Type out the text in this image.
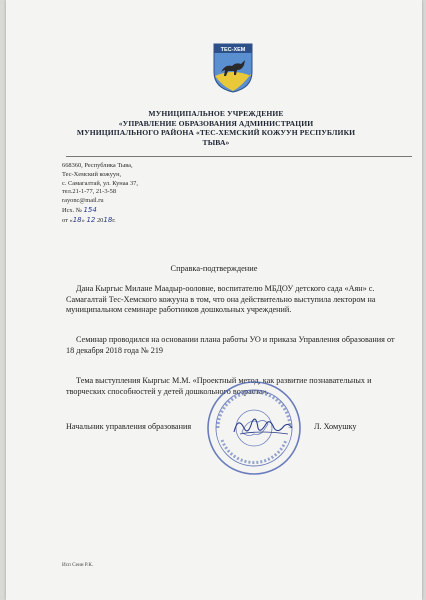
ТЕС-ХЕМ
МУНИЦИПАЛЬНОЕ УЧРЕЖДЕНИЕ
«УПРАВЛЕНИЕ ОБРАЗОВАНИЯ АДМИНИСТРАЦИИ
МУНИЦИПАЛЬНОГО РАЙОНА «ТЕС-ХЕМСКИЙ КОЖУУН РЕСПУБЛИКИ
ТЫВА»
668360, Республика Тыва,
Тес-Хемский кожуун,
с. Самагалтай, ул. Кунаа 37,
тел.21-1-77, 21-3-58
rayonc@mail.ru
Исх. № 154
от «18» 12 2018г.
Справка-подтверждение
Дана Кыргыс Милане Маадыр-ооловне, воспитателю МБДОУ детского сада «Аян» с. Самагалтай Тес-Хемского кожууна в том, что она действительно выступила лектором на муниципальном семинаре работников дошкольных учреждений.
Семинар проводился на основании плана работы УО и приказа Управления образования от 18 декабря 2018 года № 219
Тема выступления Кыргыс М.М. «Проектный метод, как развитие познавательных и творческих способностей у детей дошкольного возраста».
Начальник управления образования	Л. Хомушку
Исп Сеин Р.К.
